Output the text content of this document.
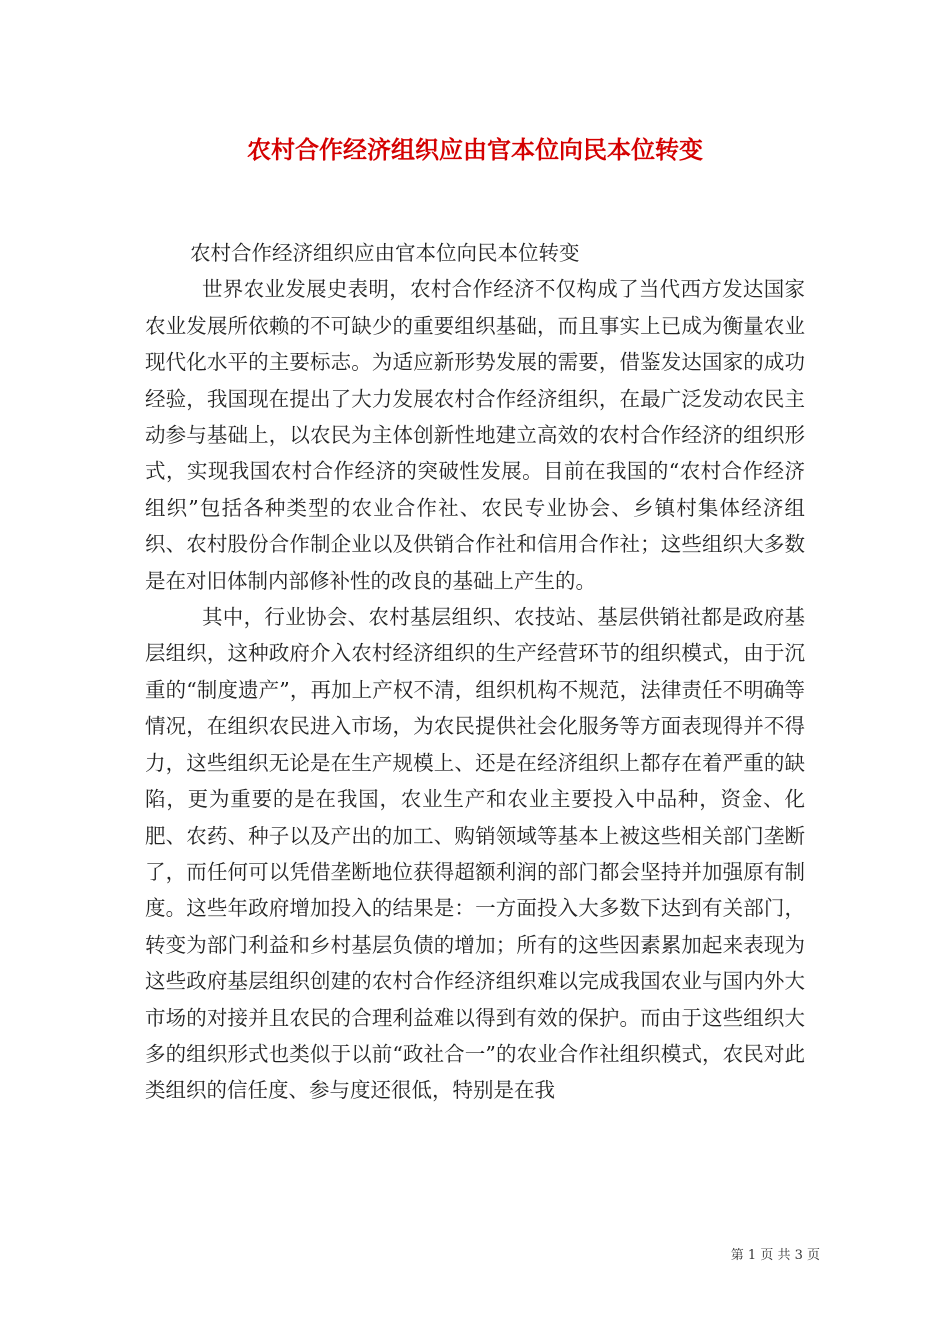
农村合作经济组织应由官本位向民本位转变

农村合作经济组织应由官本位向民本位转变

世界农业发展史表明，农村合作经济不仅构成了当代西方发达国家农业发展所依赖的不可缺少的重要组织基础，而且事实上已成为衡量农业现代化水平的主要标志。为适应新形势发展的需要，借鉴发达国家的成功经验，我国现在提出了大力发展农村合作经济组织，在最广泛发动农民主动参与基础上，以农民为主体创新性地建立高效的农村合作经济的组织形式，实现我国农村合作经济的突破性发展。目前在我国的“农村合作经济组织”包括各种类型的农业合作社、农民专业协会、乡镇村集体经济组织、农村股份合作制企业以及供销合作社和信用合作社；这些组织大多数是在对旧体制内部修补性的改良的基础上产生的。

其中，行业协会、农村基层组织、农技站、基层供销社都是政府基层组织，这种政府介入农村经济组织的生产经营环节的组织模式，由于沉重的“制度遗产”，再加上产权不清，组织机构不规范，法律责任不明确等情况，在组织农民进入市场，为农民提供社会化服务等方面表现得并不得力，这些组织无论是在生产规模上、还是在经济组织上都存在着严重的缺陷，更为重要的是在我国，农业生产和农业主要投入中品种，资金、化肥、农药、种子以及产出的加工、购销领域等基本上被这些相关部门垄断了，而任何可以凭借垄断地位获得超额利润的部门都会坚持并加强原有制度。这些年政府增加投入的结果是：一方面投入大多数下达到有关部门，转变为部门利益和乡村基层负债的增加；所有的这些因素累加起来表现为这些政府基层组织创建的农村合作经济组织难以完成我国农业与国内外大市场的对接并且农民的合理利益难以得到有效的保护。而由于这些组织大多的组织形式也类似于以前“政社合一”的农业合作社组织模式，农民对此类组织的信任度、参与度还很低，特别是在我

第 1 页 共 3 页
